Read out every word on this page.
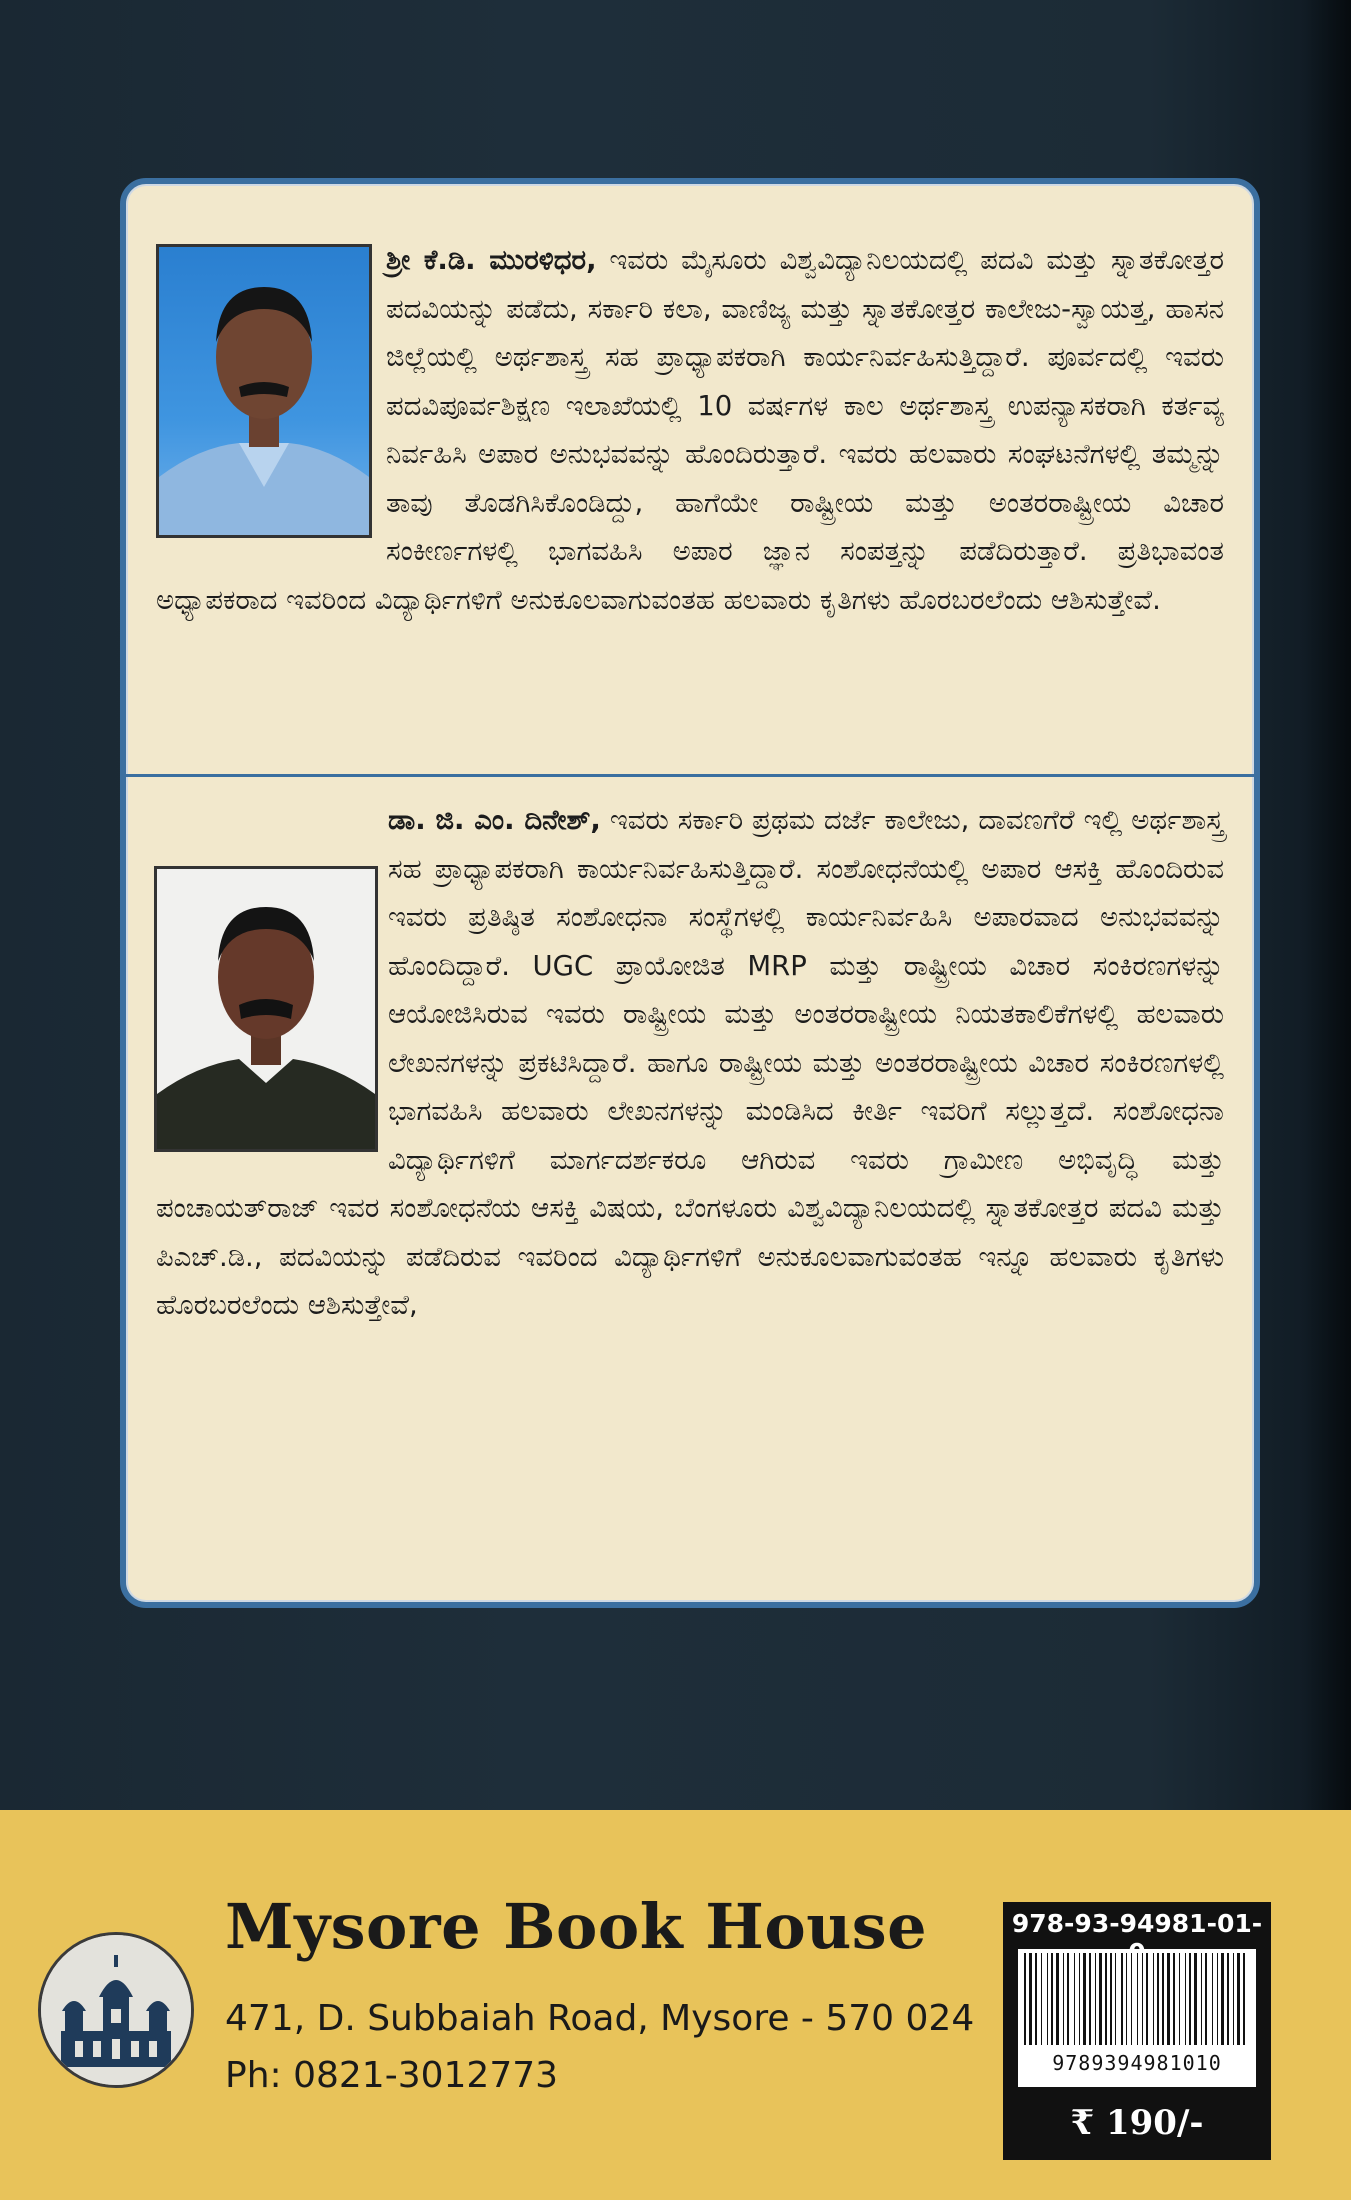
ಶ್ರೀ ಕೆ.ಡಿ. ಮುರಳಿಧರ, ಇವರು ಮೈಸೂರು ವಿಶ್ವವಿದ್ಯಾನಿಲಯದಲ್ಲಿ ಪದವಿ ಮತ್ತು ಸ್ನಾತಕೋತ್ತರ ಪದವಿಯನ್ನು ಪಡೆದು, ಸರ್ಕಾರಿ ಕಲಾ, ವಾಣಿಜ್ಯ ಮತ್ತು ಸ್ನಾತಕೋತ್ತರ ಕಾಲೇಜು-ಸ್ವಾಯತ್ತ, ಹಾಸನ ಜಿಲ್ಲೆಯಲ್ಲಿ ಅರ್ಥಶಾಸ್ತ್ರ ಸಹ ಪ್ರಾಧ್ಯಾಪಕರಾಗಿ ಕಾರ್ಯನಿರ್ವಹಿಸುತ್ತಿದ್ದಾರೆ. ಪೂರ್ವದಲ್ಲಿ ಇವರು ಪದವಿಪೂರ್ವಶಿಕ್ಷಣ ಇಲಾಖೆಯಲ್ಲಿ 10 ವರ್ಷಗಳ ಕಾಲ ಅರ್ಥಶಾಸ್ತ್ರ ಉಪನ್ಯಾಸಕರಾಗಿ ಕರ್ತವ್ಯ ನಿರ್ವಹಿಸಿ ಅಪಾರ ಅನುಭವವನ್ನು ಹೊಂದಿರುತ್ತಾರೆ. ಇವರು ಹಲವಾರು ಸಂಘಟನೆಗಳಲ್ಲಿ ತಮ್ಮನ್ನು ತಾವು ತೊಡಗಿಸಿಕೊಂಡಿದ್ದು, ಹಾಗೆಯೇ ರಾಷ್ಟ್ರೀಯ ಮತ್ತು ಅಂತರರಾಷ್ಟ್ರೀಯ ವಿಚಾರ ಸಂಕೀರ್ಣಗಳಲ್ಲಿ ಭಾಗವಹಿಸಿ ಅಪಾರ ಜ್ಞಾನ ಸಂಪತ್ತನ್ನು ಪಡೆದಿರುತ್ತಾರೆ. ಪ್ರತಿಭಾವಂತ ಅಧ್ಯಾಪಕರಾದ ಇವರಿಂದ ವಿದ್ಯಾರ್ಥಿಗಳಿಗೆ ಅನುಕೂಲವಾಗುವಂತಹ ಹಲವಾರು ಕೃತಿಗಳು ಹೊರಬರಲೆಂದು ಆಶಿಸುತ್ತೇವೆ.

ಡಾ. ಜಿ. ಎಂ. ದಿನೇಶ್, ಇವರು ಸರ್ಕಾರಿ ಪ್ರಥಮ ದರ್ಜೆ ಕಾಲೇಜು, ದಾವಣಗೆರೆ ಇಲ್ಲಿ ಅರ್ಥಶಾಸ್ತ್ರ ಸಹ ಪ್ರಾಧ್ಯಾಪಕರಾಗಿ ಕಾರ್ಯನಿರ್ವಹಿಸುತ್ತಿದ್ದಾರೆ. ಸಂಶೋಧನೆಯಲ್ಲಿ ಅಪಾರ ಆಸಕ್ತಿ ಹೊಂದಿರುವ ಇವರು ಪ್ರತಿಷ್ಠಿತ ಸಂಶೋಧನಾ ಸಂಸ್ಥೆಗಳಲ್ಲಿ ಕಾರ್ಯನಿರ್ವಹಿಸಿ ಅಪಾರವಾದ ಅನುಭವವನ್ನು ಹೊಂದಿದ್ದಾರೆ. UGC ಪ್ರಾಯೋಜಿತ MRP ಮತ್ತು ರಾಷ್ಟ್ರೀಯ ವಿಚಾರ ಸಂಕಿರಣಗಳನ್ನು ಆಯೋಜಿಸಿರುವ ಇವರು ರಾಷ್ಟ್ರೀಯ ಮತ್ತು ಅಂತರರಾಷ್ಟ್ರೀಯ ನಿಯತಕಾಲಿಕೆಗಳಲ್ಲಿ ಹಲವಾರು ಲೇಖನಗಳನ್ನು ಪ್ರಕಟಿಸಿದ್ದಾರೆ. ಹಾಗೂ ರಾಷ್ಟ್ರೀಯ ಮತ್ತು ಅಂತರರಾಷ್ಟ್ರೀಯ ವಿಚಾರ ಸಂಕಿರಣಗಳಲ್ಲಿ ಭಾಗವಹಿಸಿ ಹಲವಾರು ಲೇಖನಗಳನ್ನು ಮಂಡಿಸಿದ ಕೀರ್ತಿ ಇವರಿಗೆ ಸಲ್ಲುತ್ತದೆ. ಸಂಶೋಧನಾ ವಿದ್ಯಾರ್ಥಿಗಳಿಗೆ ಮಾರ್ಗದರ್ಶಕರೂ ಆಗಿರುವ ಇವರು ಗ್ರಾಮೀಣ ಅಭಿವೃದ್ಧಿ ಮತ್ತು ಪಂಚಾಯತ್‌ರಾಜ್ ಇವರ ಸಂಶೋಧನೆಯ ಆಸಕ್ತಿ ವಿಷಯ, ಬೆಂಗಳೂರು ವಿಶ್ವವಿದ್ಯಾನಿಲಯದಲ್ಲಿ ಸ್ನಾತಕೋತ್ತರ ಪದವಿ ಮತ್ತು ಪಿಎಚ್.ಡಿ., ಪದವಿಯನ್ನು ಪಡೆದಿರುವ ಇವರಿಂದ ವಿದ್ಯಾರ್ಥಿಗಳಿಗೆ ಅನುಕೂಲವಾಗುವಂತಹ ಇನ್ನೂ ಹಲವಾರು ಕೃತಿಗಳು ಹೊರಬರಲೆಂದು ಆಶಿಸುತ್ತೇವೆ,

Mysore Book House
471, D. Subbaiah Road, Mysore - 570 024
Ph: 0821-3012773
978-93-94981-01-
9789394981010
₹ 190/-
